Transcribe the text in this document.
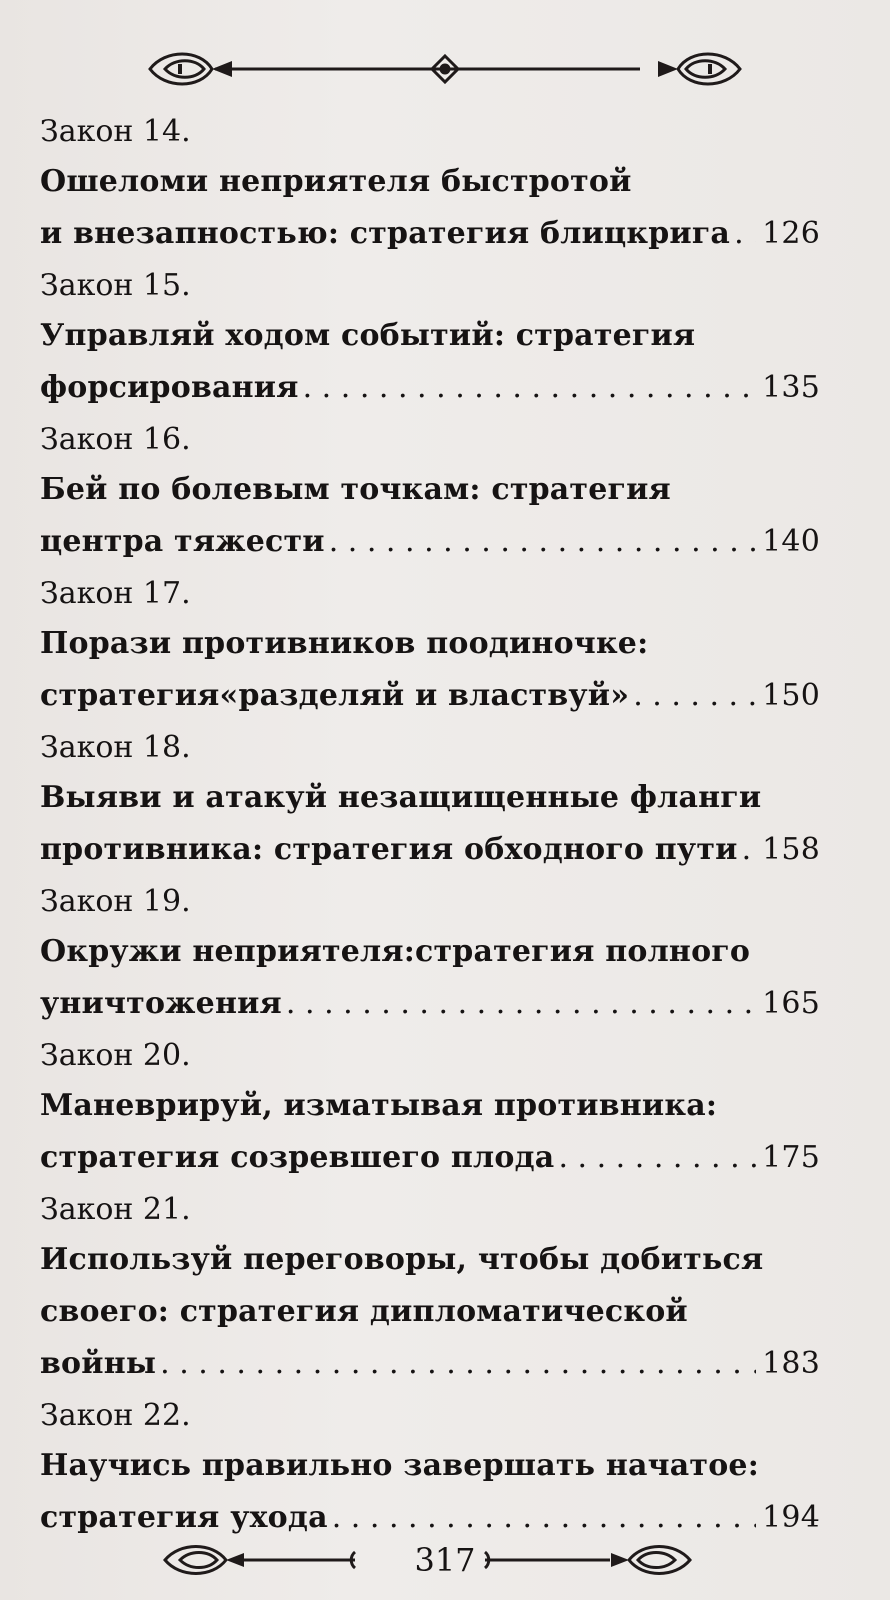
Закон 14.
Ошеломи неприятеля быстротой
и внезапностью: стратегия блицкрига . . . 126
Закон 15.
Управляй ходом событий: стратегия
форсирования . . .	135
Закон 16.
Бей по болевым точкам: стратегия
центра тяжести . . .	140
Закон 17.
Порази противников поодиночке:
стратегия«разделяй и властвуй» . . .	150
Закон 18.
Выяви и атакуй незащищенные фланги
противника: стратегия обходного пути . . . 158
Закон 19.
Окружи неприятеля:стратегия полного
уничтожения . . .	165
Закон 20.
Маневрируй, изматывая противника:
стратегия созревшего плода . . .	175
Закон 21.
Используй переговоры, чтобы добиться
своего: стратегия дипломатической
войны . . .	183
Закон 22.
Научись правильно завершать начатое:
стратегия ухода . . .	194
317
